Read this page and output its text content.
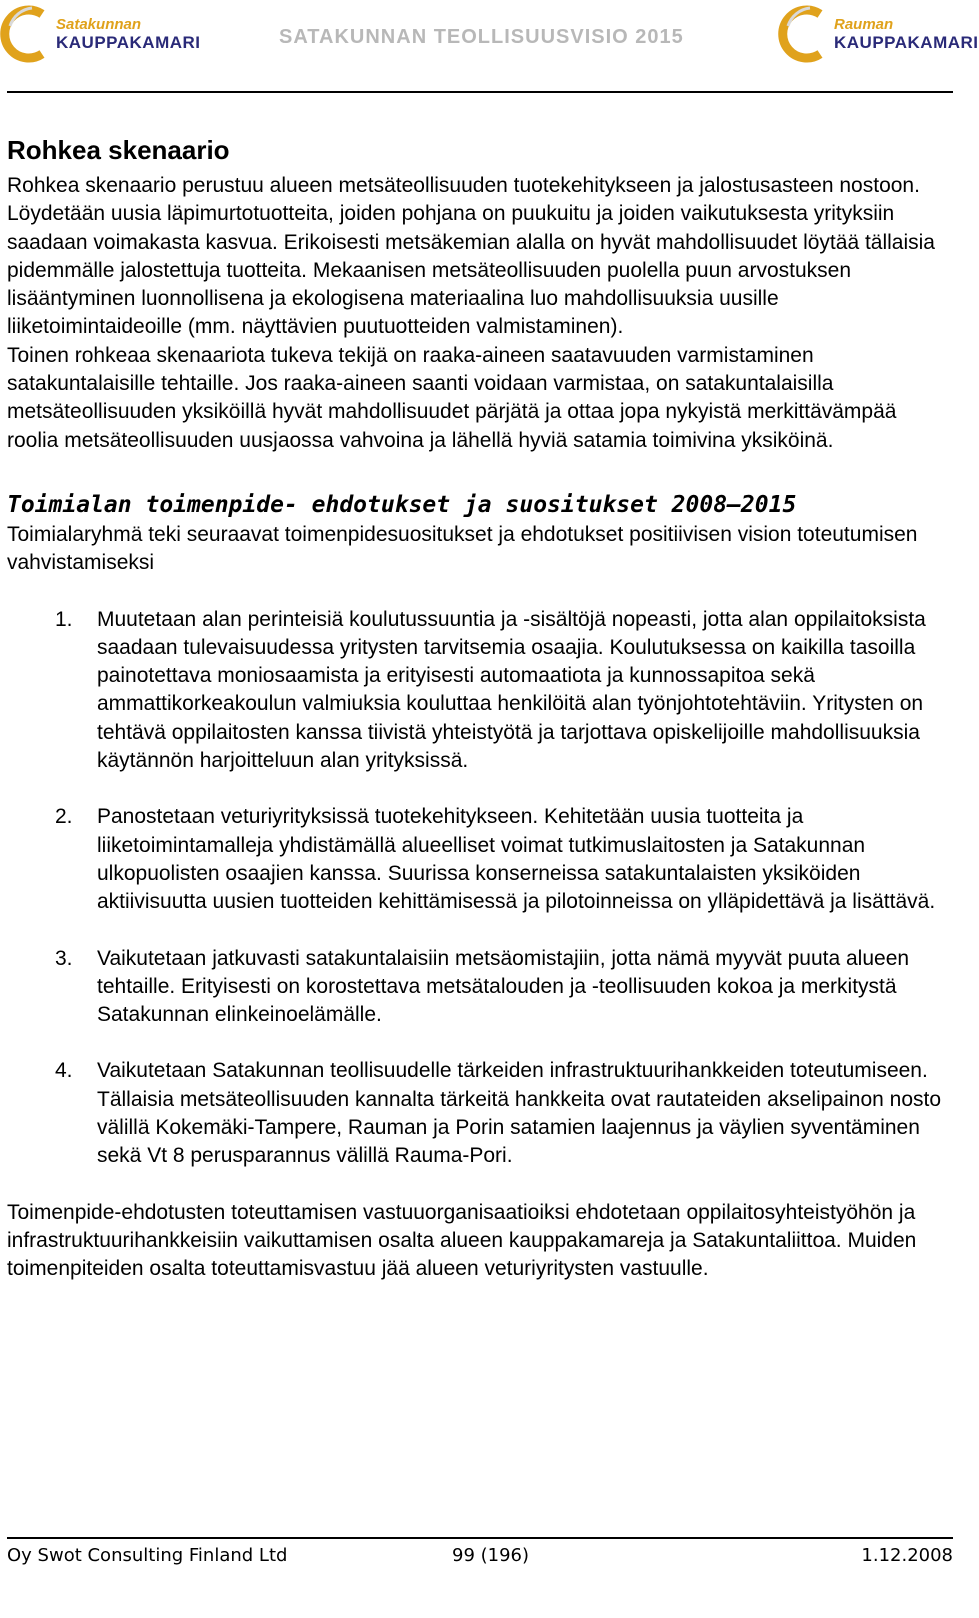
Satakunnan
KAUPPAKAMARI	SATAKUNNAN TEOLLISUUSVISIO 2015
Rauman
KAUPPAKAMARI
Rohkea skenaario

Rohkea skenaario perustuu alueen metsäteollisuuden tuotekehitykseen ja jalostusasteen nostoon. Löydetään uusia läpimurtotuotteita, joiden pohjana on puukuitu ja joiden vaikutuksesta yrityksiin saadaan voimakasta kasvua. Erikoisesti metsäkemian alalla on hyvät mahdollisuudet löytää tällaisia pidemmälle jalostettuja tuotteita. Mekaanisen metsäteollisuuden puolella puun arvostuksen lisääntyminen luonnollisena ja ekologisena materiaalina luo mahdollisuuksia uusille liiketoimintaideoille (mm. näyttävien puutuotteiden valmistaminen).

Toinen rohkeaa skenaariota tukeva tekijä on raaka-aineen saatavuuden varmistaminen satakuntalaisille tehtaille. Jos raaka-aineen saanti voidaan varmistaa, on satakuntalaisilla metsäteollisuuden yksiköillä hyvät mahdollisuudet pärjätä ja ottaa jopa nykyistä merkittävämpää roolia metsäteollisuuden uusjaossa vahvoina ja lähellä hyviä satamia toimivina yksiköinä.

Toimialan toimenpide- ehdotukset ja suositukset 2008–2015

Toimialaryhmä teki seuraavat toimenpidesuositukset ja ehdotukset positiivisen vision toteutumisen vahvistamiseksi

1. Muutetaan alan perinteisiä koulutussuuntia ja -sisältöjä nopeasti, jotta alan oppilaitoksista saadaan tulevaisuudessa yritysten tarvitsemia osaajia. Koulutuksessa on kaikilla tasoilla painotettava moniosaamista ja erityisesti automaatiota ja kunnossapitoa sekä ammattikorkeakoulun valmiuksia kouluttaa henkilöitä alan työnjohtotehtäviin. Yritysten on tehtävä oppilaitosten kanssa tiivistä yhteistyötä ja tarjottava opiskelijoille mahdollisuuksia käytännön harjoitteluun alan yrityksissä.
2. Panostetaan veturiyrityksissä tuotekehitykseen. Kehitetään uusia tuotteita ja liiketoimintamalleja yhdistämällä alueelliset voimat tutkimuslaitosten ja Satakunnan ulkopuolisten osaajien kanssa. Suurissa konserneissa satakuntalaisten yksiköiden aktiivisuutta uusien tuotteiden kehittämisessä ja pilotoinneissa on ylläpidettävä ja lisättävä.
3. Vaikutetaan jatkuvasti satakuntalaisiin metsäomistajiin, jotta nämä myyvät puuta alueen tehtaille. Erityisesti on korostettava metsätalouden ja -teollisuuden kokoa ja merkitystä Satakunnan elinkeinoelämälle.
4. Vaikutetaan Satakunnan teollisuudelle tärkeiden infrastruktuurihankkeiden toteutumiseen. Tällaisia metsäteollisuuden kannalta tärkeitä hankkeita ovat rautateiden akselipainon nosto välillä Kokemäki-Tampere, Rauman ja Porin satamien laajennus ja väylien syventäminen sekä Vt 8 perusparannus välillä Rauma-Pori.

Toimenpide-ehdotusten toteuttamisen vastuuorganisaatioiksi ehdotetaan oppilaitosyhteistyöhön ja infrastruktuurihankkeisiin vaikuttamisen osalta alueen kauppakamareja ja Satakuntaliittoa. Muiden toimenpiteiden osalta toteuttamisvastuu jää alueen veturiyritysten vastuulle.

Oy Swot Consulting Finland Ltd	99 (196)	1.12.2008
